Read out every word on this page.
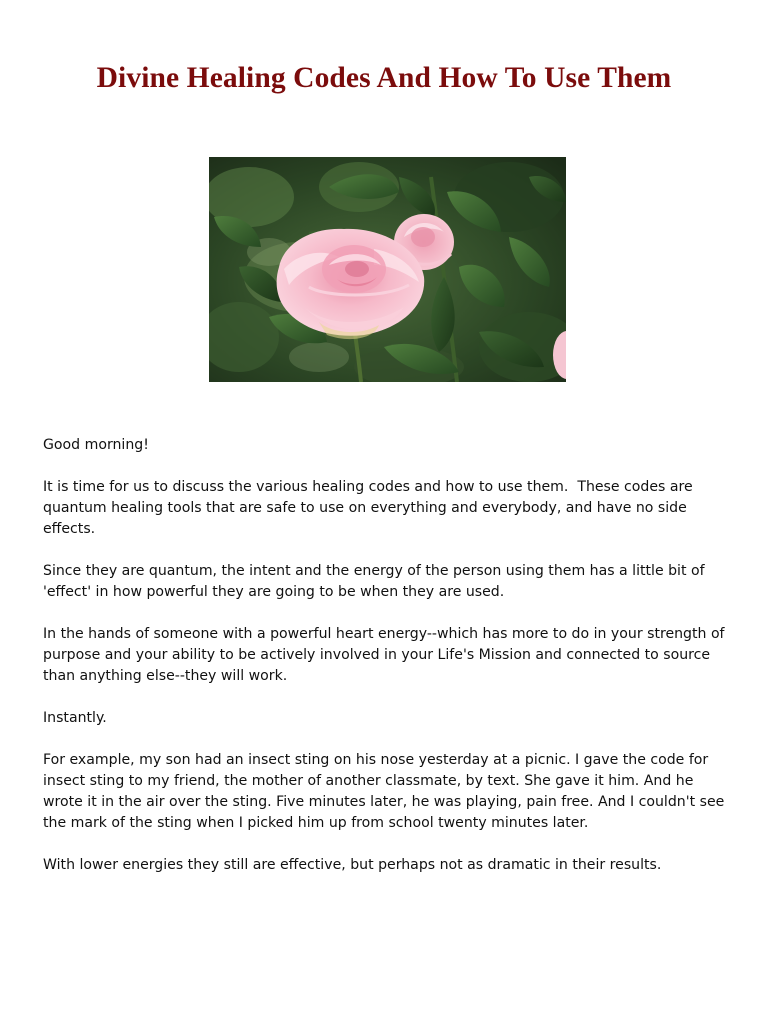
Divine Healing Codes And How To Use Them

Good morning!

It is time for us to discuss the various healing codes and how to use them.  These codes are quantum healing tools that are safe to use on everything and everybody, and have no side effects.

Since they are quantum, the intent and the energy of the person using them has a little bit of 'effect' in how powerful they are going to be when they are used.

In the hands of someone with a powerful heart energy--which has more to do in your strength of purpose and your ability to be actively involved in your Life's Mission and connected to source than anything else--they will work.

Instantly.

For example, my son had an insect sting on his nose yesterday at a picnic. I gave the code for insect sting to my friend, the mother of another classmate, by text. She gave it him. And he wrote it in the air over the sting. Five minutes later, he was playing, pain free. And I couldn't see the mark of the sting when I picked him up from school twenty minutes later.

With lower energies they still are effective, but perhaps not as dramatic in their results.
